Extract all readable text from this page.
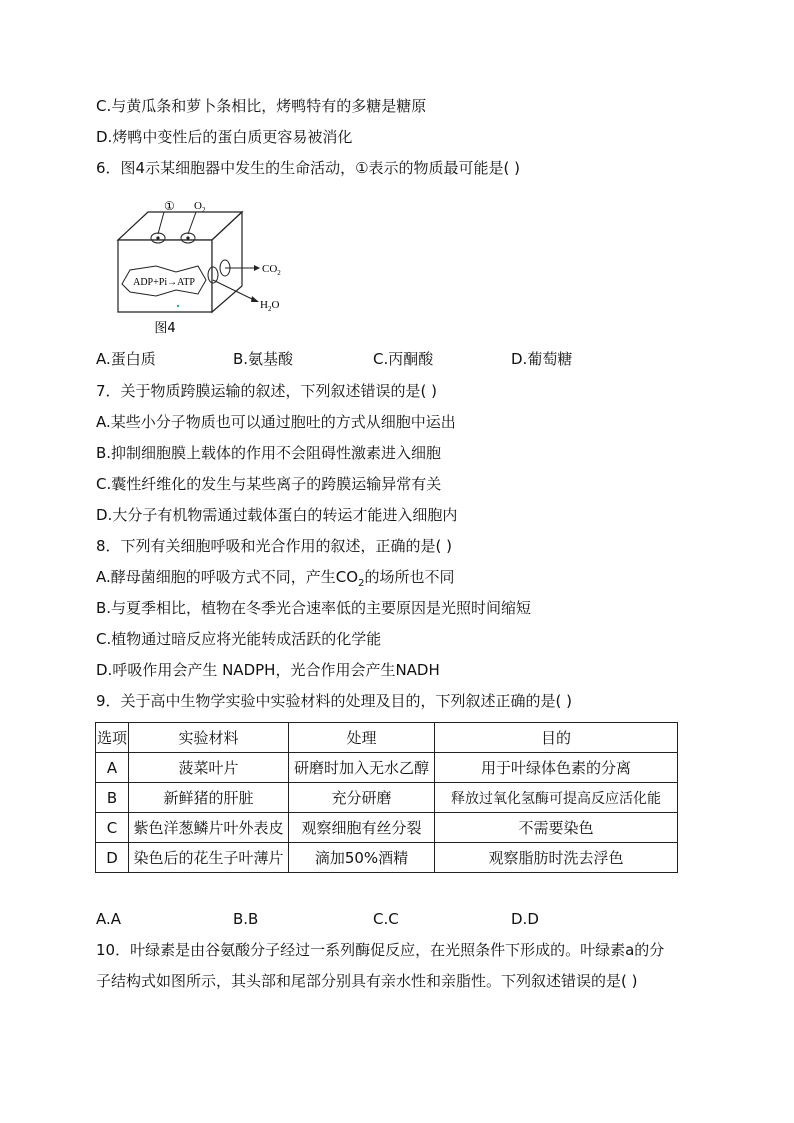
C.与黄瓜条和萝卜条相比，烤鸭特有的多糖是糖原
D.烤鸭中变性后的蛋白质更容易被消化
6．图4示某细胞器中发生的生命活动，①表示的物质最可能是( )
① $O_2$
$CO_2$
$H_2O$
ADP+Pi→ATP
图4
A.蛋白质	B.氨基酸	C.丙酮酸	D.葡萄糖
7．关于物质跨膜运输的叙述，下列叙述错误的是( )
A.某些小分子物质也可以通过胞吐的方式从细胞中运出
B.抑制细胞膜上载体的作用不会阻碍性激素进入细胞
C.囊性纤维化的发生与某些离子的跨膜运输异常有关
D.大分子有机物需通过载体蛋白的转运才能进入细胞内
8．下列有关细胞呼吸和光合作用的叙述，正确的是( )
A.酵母菌细胞的呼吸方式不同，产生$CO_2$的场所也不同
B.与夏季相比，植物在冬季光合速率低的主要原因是光照时间缩短
C.植物通过暗反应将光能转成活跃的化学能
D.呼吸作用会产生 NADPH，光合作用会产生NADH
9．关于高中生物学实验中实验材料的处理及目的，下列叙述正确的是( )
选项	实验材料	处理	目的
A	菠菜叶片	研磨时加入无水乙醇	用于叶绿体色素的分离
B	新鲜猪的肝脏	充分研磨	释放过氧化氢酶可提高反应活化能
C	紫色洋葱鳞片叶外表皮	观察细胞有丝分裂	不需要染色
D	染色后的花生子叶薄片	滴加50%酒精	观察脂肪时洗去浮色
A.A	B.B	C.C	D.D
10．叶绿素是由谷氨酸分子经过一系列酶促反应，在光照条件下形成的。叶绿素a的分
子结构式如图所示，其头部和尾部分别具有亲水性和亲脂性。下列叙述错误的是( )
